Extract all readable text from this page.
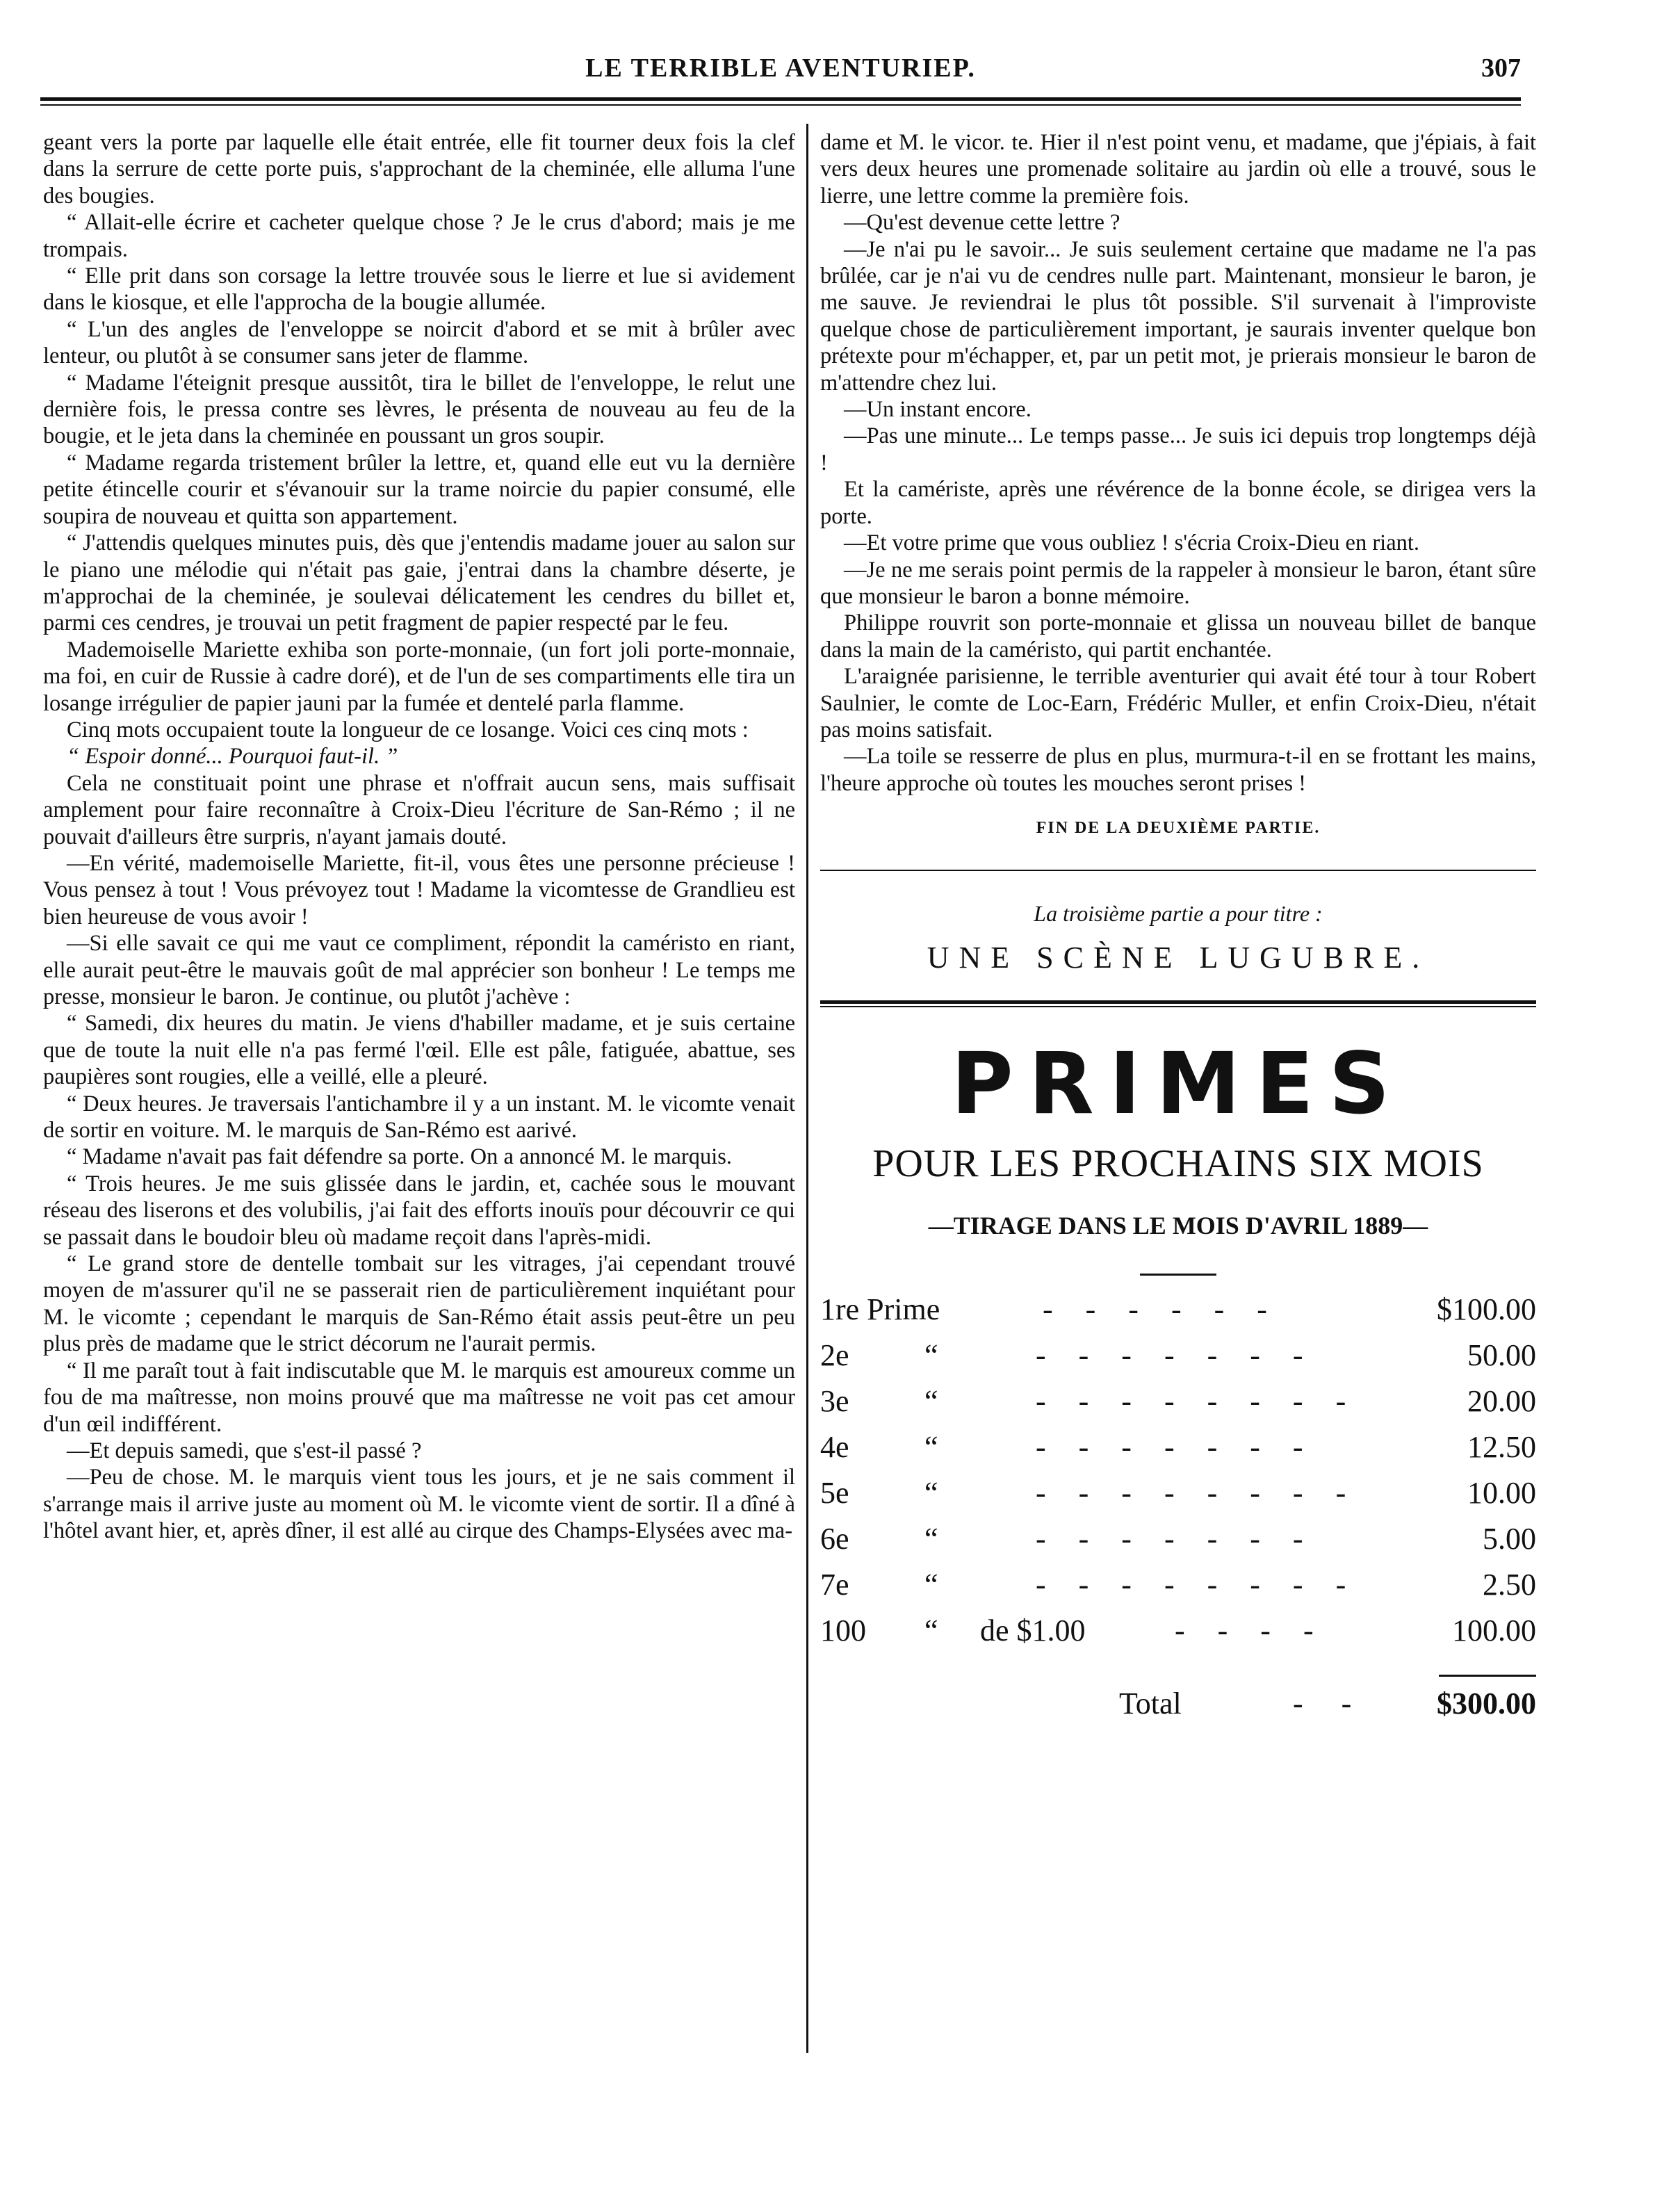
LE TERRIBLE AVENTURIEP.	307

geant vers la porte par laquelle elle était entrée, elle fit tourner deux fois la clef dans la serrure de cette porte puis, s'approchant de la cheminée, elle alluma l'une des bougies.

“ Allait-elle écrire et cacheter quelque chose ? Je le crus d'abord; mais je me trompais.

“ Elle prit dans son corsage la lettre trouvée sous le lierre et lue si avidement dans le kiosque, et elle l'approcha de la bougie allumée.

“ L'un des angles de l'enveloppe se noircit d'abord et se mit à brûler avec lenteur, ou plutôt à se consumer sans jeter de flamme.

“ Madame l'éteignit presque aussitôt, tira le billet de l'enveloppe, le relut une dernière fois, le pressa contre ses lèvres, le présenta de nouveau au feu de la bougie, et le jeta dans la cheminée en poussant un gros soupir.

“ Madame regarda tristement brûler la lettre, et, quand elle eut vu la dernière petite étincelle courir et s'évanouir sur la trame noircie du papier consumé, elle soupira de nouveau et quitta son appartement.

“ J'attendis quelques minutes puis, dès que j'entendis madame jouer au salon sur le piano une mélodie qui n'était pas gaie, j'entrai dans la chambre déserte, je m'approchai de la cheminée, je soulevai délicatement les cendres du billet et, parmi ces cendres, je trouvai un petit fragment de papier respecté par le feu.

Mademoiselle Mariette exhiba son porte-monnaie, (un fort joli porte-monnaie, ma foi, en cuir de Russie à cadre doré), et de l'un de ses compartiments elle tira un losange irrégulier de papier jauni par la fumée et dentelé parla flamme.

Cinq mots occupaient toute la longueur de ce losange. Voici ces cinq mots :

“ Espoir donné... Pourquoi faut-il. ”

Cela ne constituait point une phrase et n'offrait aucun sens, mais suffisait amplement pour faire reconnaître à Croix-Dieu l'écriture de San-Rémo ; il ne pouvait d'ailleurs être surpris, n'ayant jamais douté.

—En vérité, mademoiselle Mariette, fit-il, vous êtes une personne précieuse ! Vous pensez à tout ! Vous prévoyez tout ! Madame la vicomtesse de Grandlieu est bien heureuse de vous avoir !

—Si elle savait ce qui me vaut ce compliment, répondit la caméristo en riant, elle aurait peut-être le mauvais goût de mal apprécier son bonheur ! Le temps me presse, monsieur le baron. Je continue, ou plutôt j'achève :

“ Samedi, dix heures du matin. Je viens d'habiller madame, et je suis certaine que de toute la nuit elle n'a pas fermé l'œil. Elle est pâle, fatiguée, abattue, ses paupières sont rougies, elle a veillé, elle a pleuré.

“ Deux heures. Je traversais l'antichambre il y a un instant. M. le vicomte venait de sortir en voiture. M. le marquis de San-Rémo est aarivé.

“ Madame n'avait pas fait défendre sa porte. On a annoncé M. le marquis.

“ Trois heures. Je me suis glissée dans le jardin, et, cachée sous le mouvant réseau des liserons et des volubilis, j'ai fait des efforts inouïs pour découvrir ce qui se passait dans le boudoir bleu où madame reçoit dans l'après-midi.

“ Le grand store de dentelle tombait sur les vitrages, j'ai cependant trouvé moyen de m'assurer qu'il ne se passerait rien de particulièrement inquiétant pour M. le vicomte ; cependant le marquis de San-Rémo était assis peut-être un peu plus près de madame que le strict décorum ne l'aurait permis.

“ Il me paraît tout à fait indiscutable que M. le marquis est amoureux comme un fou de ma maîtresse, non moins prouvé que ma maîtresse ne voit pas cet amour d'un œil indifférent.

—Et depuis samedi, que s'est-il passé ?

—Peu de chose. M. le marquis vient tous les jours, et je ne sais comment il s'arrange mais il arrive juste au moment où M. le vicomte vient de sortir. Il a dîné à l'hôtel avant hier, et, après dîner, il est allé au cirque des Champs-Elysées avec ma-

dame et M. le vicor. te. Hier il n'est point venu, et madame, que j'épiais, à fait vers deux heures une promenade solitaire au jardin où elle a trouvé, sous le lierre, une lettre comme la première fois.

—Qu'est devenue cette lettre ?

—Je n'ai pu le savoir... Je suis seulement certaine que madame ne l'a pas brûlée, car je n'ai vu de cendres nulle part. Maintenant, monsieur le baron, je me sauve. Je reviendrai le plus tôt possible. S'il survenait à l'improviste quelque chose de particulièrement important, je saurais inventer quelque bon prétexte pour m'échapper, et, par un petit mot, je prierais monsieur le baron de m'attendre chez lui.

—Un instant encore.

—Pas une minute... Le temps passe... Je suis ici depuis trop longtemps déjà !

Et la camériste, après une révérence de la bonne école, se dirigea vers la porte.

—Et votre prime que vous oubliez ! s'écria Croix-Dieu en riant.

—Je ne me serais point permis de la rappeler à monsieur le baron, étant sûre que monsieur le baron a bonne mémoire.

Philippe rouvrit son porte-monnaie et glissa un nouveau billet de banque dans la main de la caméristo, qui partit enchantée.

L'araignée parisienne, le terrible aventurier qui avait été tour à tour Robert Saulnier, le comte de Loc-Earn, Frédéric Muller, et enfin Croix-Dieu, n'était pas moins satisfait.

—La toile se resserre de plus en plus, murmura-t-il en se frottant les mains, l'heure approche où toutes les mouches seront prises !

FIN DE LA DEUXIÈME PARTIE.
La troisième partie a pour titre :
UNE SCÈNE LUGUBRE.
PRIMES
POUR LES PROCHAINS SIX MOIS
—TIRAGE DANS LE MOIS D'AVRIL 1889—
1re Prime	- - - - - -	$100.00
2e “	- - - - - - -	50.00
3e “	- - - - - - - -	20.00
4e “	- - - - - - -	12.50
5e “	- - - - - - - -	10.00
6e “	- - - - - - -	5.00
7e “	- - - - - - - -	2.50
100 “ de $1.00	- - - -	100.00
Total	- - $300.00
